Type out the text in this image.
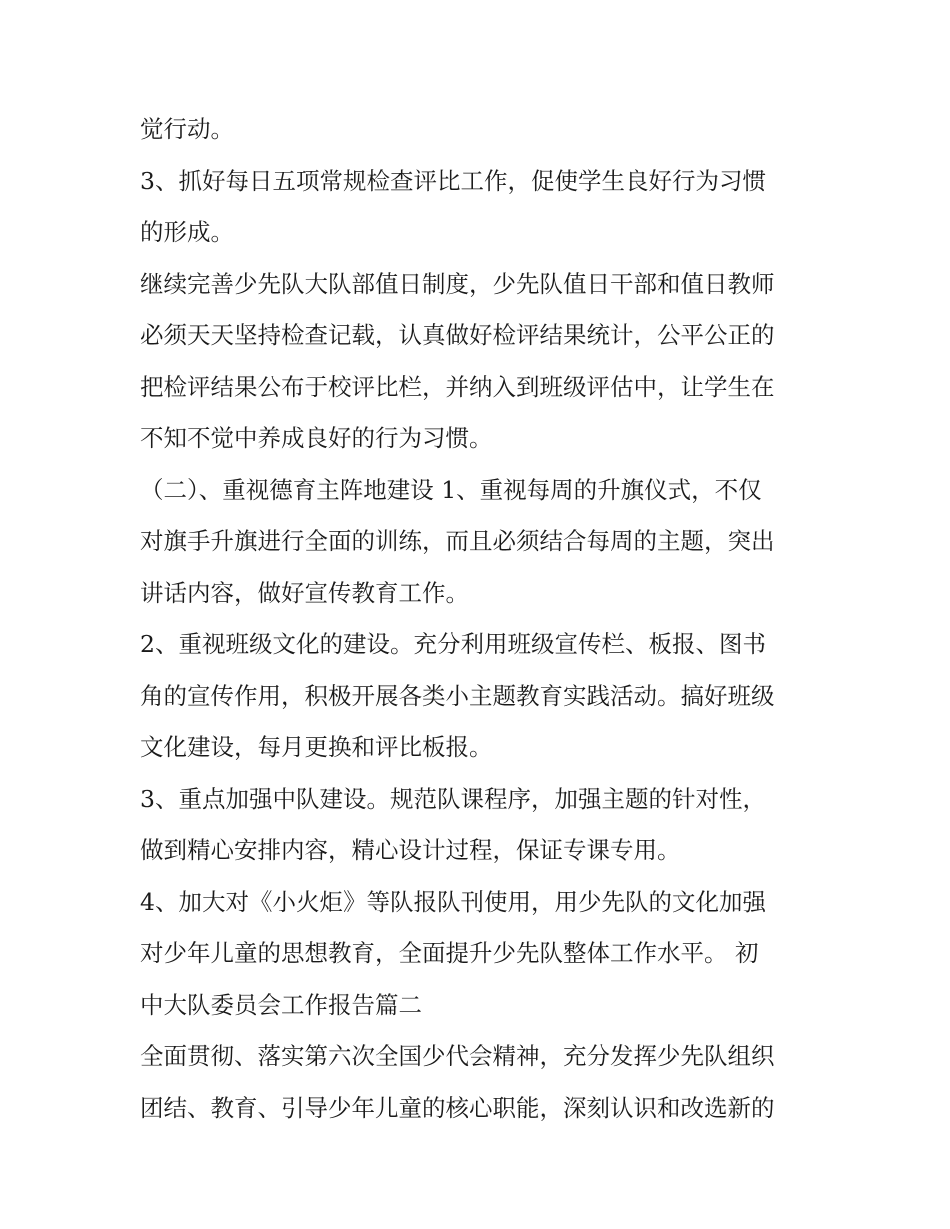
觉行动。
3、抓好每日五项常规检查评比工作，促使学生良好行为习惯
的形成。
继续完善少先队大队部值日制度，少先队值日干部和值日教师
必须天天坚持检查记载，认真做好检评结果统计，公平公正的
把检评结果公布于校评比栏，并纳入到班级评估中，让学生在
不知不觉中养成良好的行为习惯。
（二）、重视德育主阵地建设 1、重视每周的升旗仪式，不仅
对旗手升旗进行全面的训练，而且必须结合每周的主题，突出
讲话内容，做好宣传教育工作。
2、重视班级文化的建设。充分利用班级宣传栏、板报、图书
角的宣传作用，积极开展各类小主题教育实践活动。搞好班级
文化建设，每月更换和评比板报。
3、重点加强中队建设。规范队课程序，加强主题的针对性，
做到精心安排内容，精心设计过程，保证专课专用。
4、加大对《小火炬》等队报队刊使用，用少先队的文化加强
对少年儿童的思想教育，全面提升少先队整体工作水平。 初
中大队委员会工作报告篇二
全面贯彻、落实第六次全国少代会精神，充分发挥少先队组织
团结、教育、引导少年儿童的核心职能，深刻认识和改选新的
